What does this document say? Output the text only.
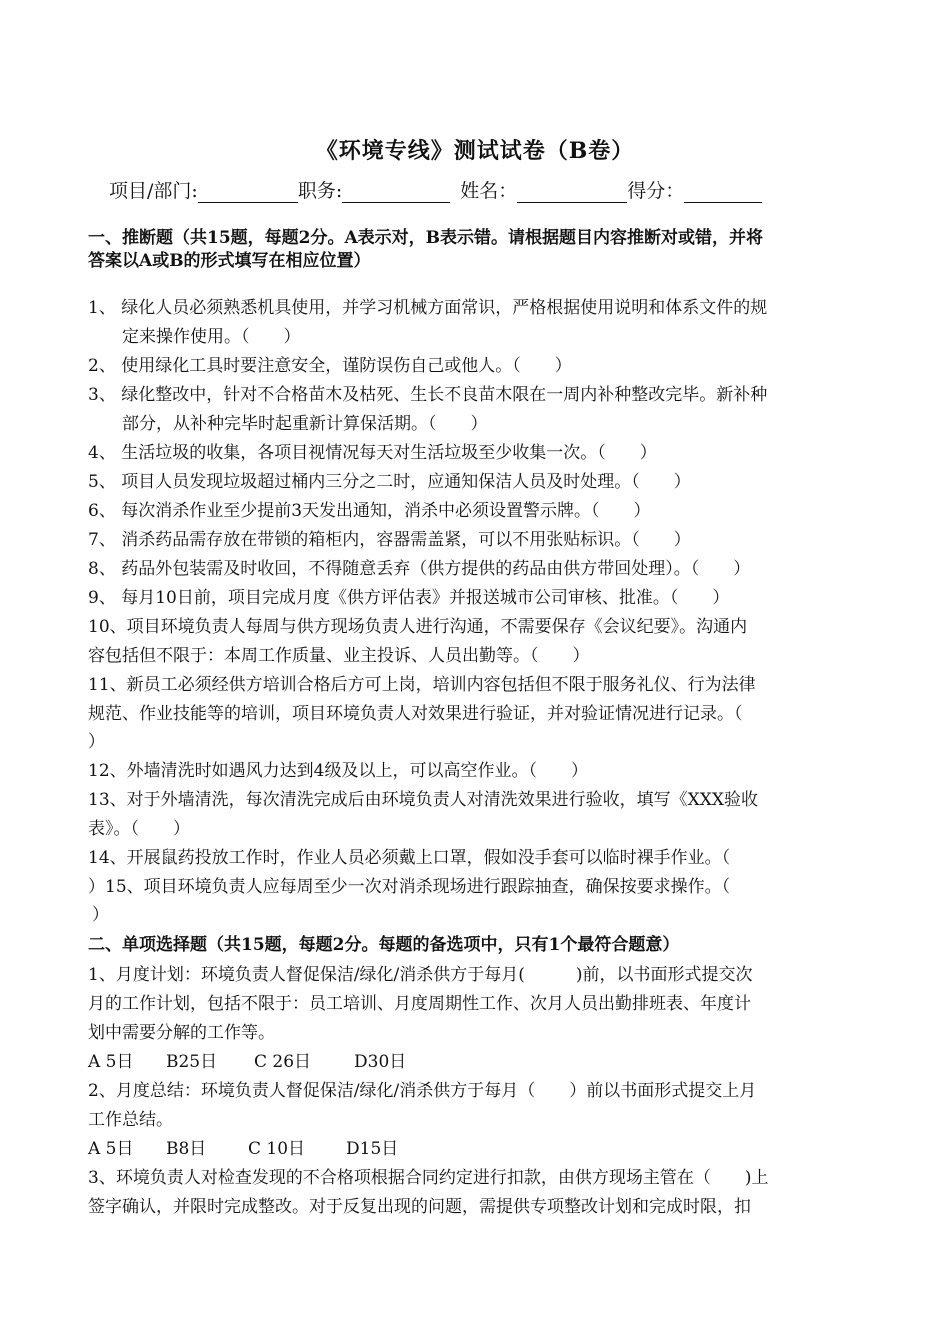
《环境专线》测试试卷（B卷）
项目/部门:	职务:	姓名：	得分：
一、推断题（共15题，每题2分。A表示对，B表示错。请根据题目内容推断对或错，并将
答案以A或B的形式填写在相应位置）
1、 绿化人员必须熟悉机具使用，并学习机械方面常识，严格根据使用说明和体系文件的规
定来操作使用。（　　）
2、 使用绿化工具时要注意安全，谨防误伤自己或他人。（　　）
3、 绿化整改中，针对不合格苗木及枯死、生长不良苗木限在一周内补种整改完毕。新补种
部分，从补种完毕时起重新计算保活期。（　　）
4、 生活垃圾的收集，各项目视情况每天对生活垃圾至少收集一次。（　　）
5、 项目人员发现垃圾超过桶内三分之二时，应通知保洁人员及时处理。（　　）
6、 每次消杀作业至少提前3天发出通知，消杀中必须设置警示牌。（　　）
7、 消杀药品需存放在带锁的箱柜内，容器需盖紧，可以不用张贴标识。（　　）
8、 药品外包装需及时收回，不得随意丢弃（供方提供的药品由供方带回处理）。（　　）
9、 每月10日前，项目完成月度《供方评估表》并报送城市公司审核、批准。（　　）
10、项目环境负责人每周与供方现场负责人进行沟通，不需要保存《会议纪要》。沟通内
容包括但不限于：本周工作质量、业主投诉、人员出勤等。（　　）
11、新员工必须经供方培训合格后方可上岗，培训内容包括但不限于服务礼仪、行为法律
规范、作业技能等的培训，项目环境负责人对效果进行验证，并对验证情况进行记录。（
）
12、外墙清洗时如遇风力达到4级及以上，可以高空作业。（　　）
13、对于外墙清洗，每次清洗完成后由环境负责人对清洗效果进行验收，填写《XXX验收
表》。（　　）
14、开展鼠药投放工作时，作业人员必须戴上口罩，假如没手套可以临时裸手作业。（
）15、项目环境负责人应每周至少一次对消杀现场进行跟踪抽查，确保按要求操作。（
）
二、单项选择题（共15题，每题2分。每题的备选项中，只有1个最符合题意）
1、月度计划：环境负责人督促保洁/绿化/消杀供方于每月(　　　)前，以书面形式提交次
月的工作计划，包括不限于：员工培训、月度周期性工作、次月人员出勤排班表、年度计
划中需要分解的工作等。
A 5日 B25日 C 26日	D30日
2、月度总结：环境负责人督促保洁/绿化/消杀供方于每月（　　）前以书面形式提交上月
工作总结。
A 5日 B8日 C 10日 D15日
3、环境负责人对检查发现的不合格项根据合同约定进行扣款，由供方现场主管在（　　)上
签字确认，并限时完成整改。对于反复出现的问题，需提供专项整改计划和完成时限，扣
